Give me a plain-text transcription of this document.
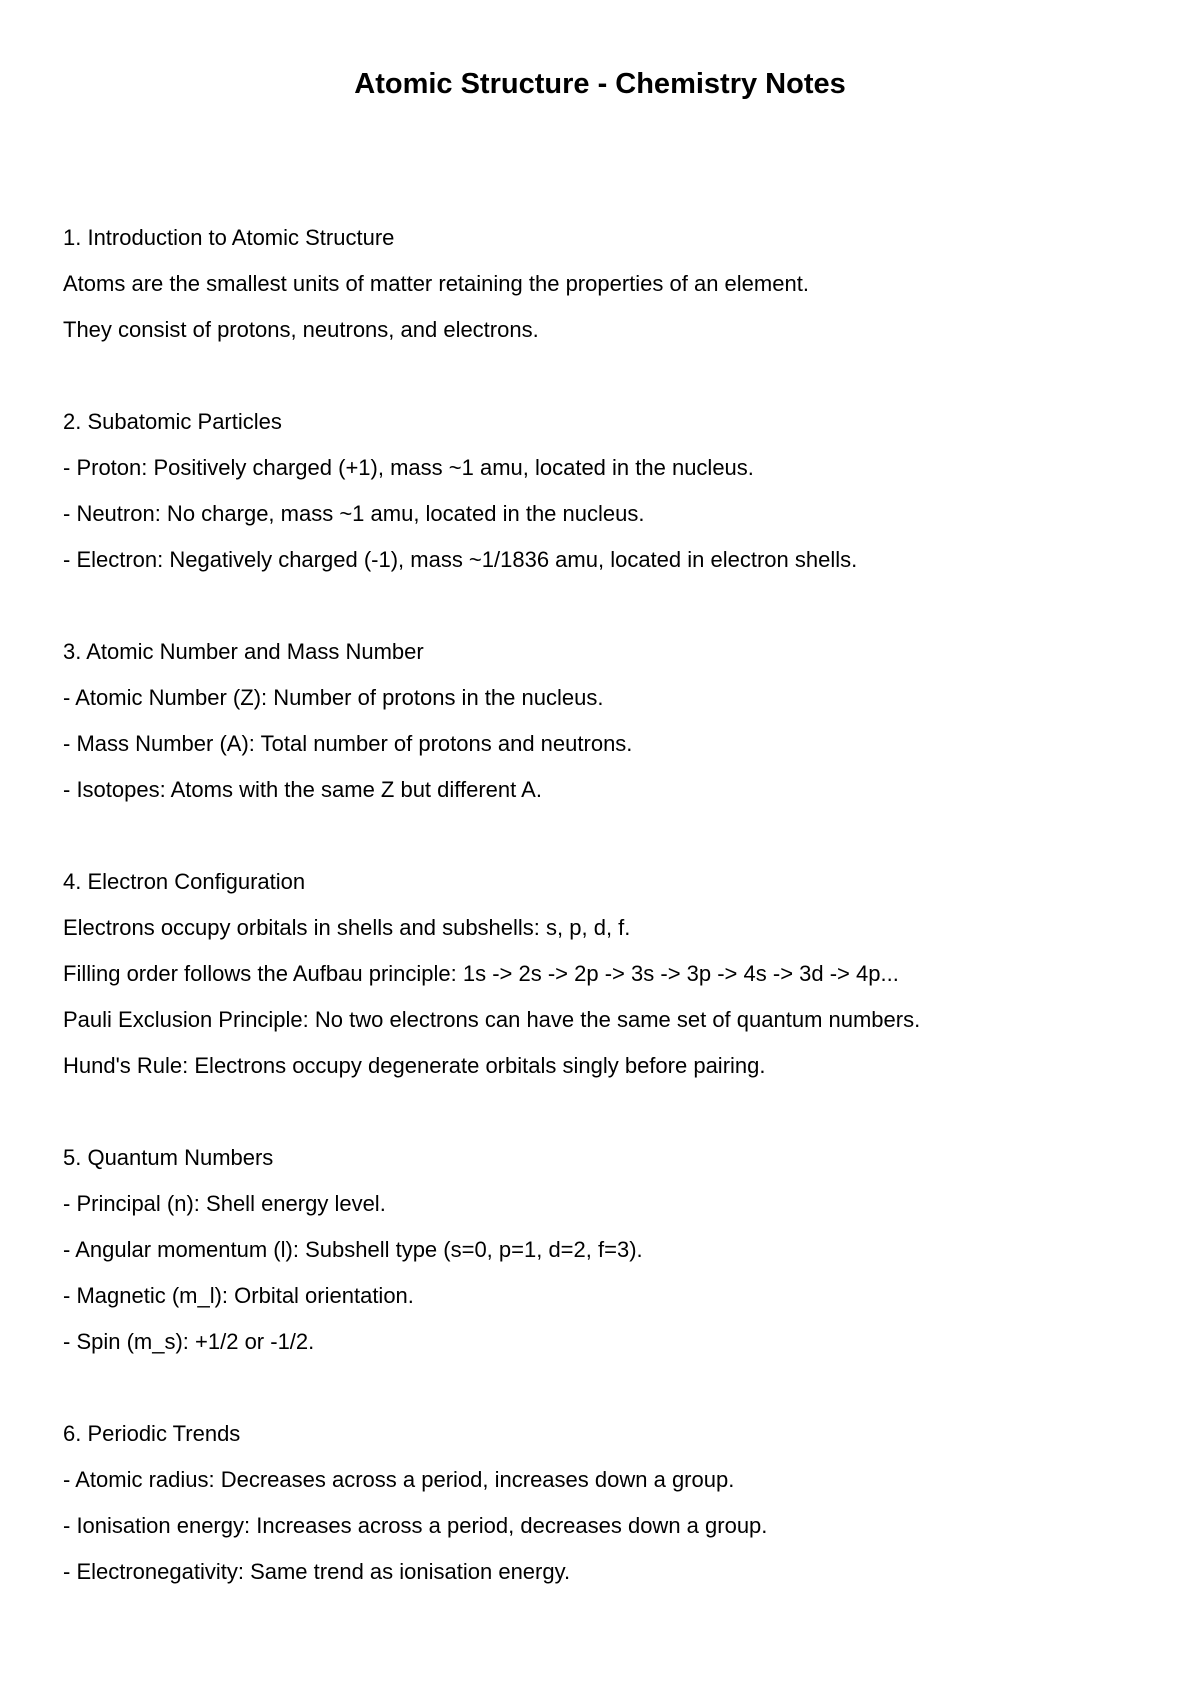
Atomic Structure - Chemistry Notes
1. Introduction to Atomic Structure
Atoms are the smallest units of matter retaining the properties of an element.
They consist of protons, neutrons, and electrons.
2. Subatomic Particles
- Proton: Positively charged (+1), mass ~1 amu, located in the nucleus.
- Neutron: No charge, mass ~1 amu, located in the nucleus.
- Electron: Negatively charged (-1), mass ~1/1836 amu, located in electron shells.
3. Atomic Number and Mass Number
- Atomic Number (Z): Number of protons in the nucleus.
- Mass Number (A): Total number of protons and neutrons.
- Isotopes: Atoms with the same Z but different A.
4. Electron Configuration
Electrons occupy orbitals in shells and subshells: s, p, d, f.
Filling order follows the Aufbau principle: 1s -> 2s -> 2p -> 3s -> 3p -> 4s -> 3d -> 4p...
Pauli Exclusion Principle: No two electrons can have the same set of quantum numbers.
Hund's Rule: Electrons occupy degenerate orbitals singly before pairing.
5. Quantum Numbers
- Principal (n): Shell energy level.
- Angular momentum (l): Subshell type (s=0, p=1, d=2, f=3).
- Magnetic (m_l): Orbital orientation.
- Spin (m_s): +1/2 or -1/2.
6. Periodic Trends
- Atomic radius: Decreases across a period, increases down a group.
- Ionisation energy: Increases across a period, decreases down a group.
- Electronegativity: Same trend as ionisation energy.
